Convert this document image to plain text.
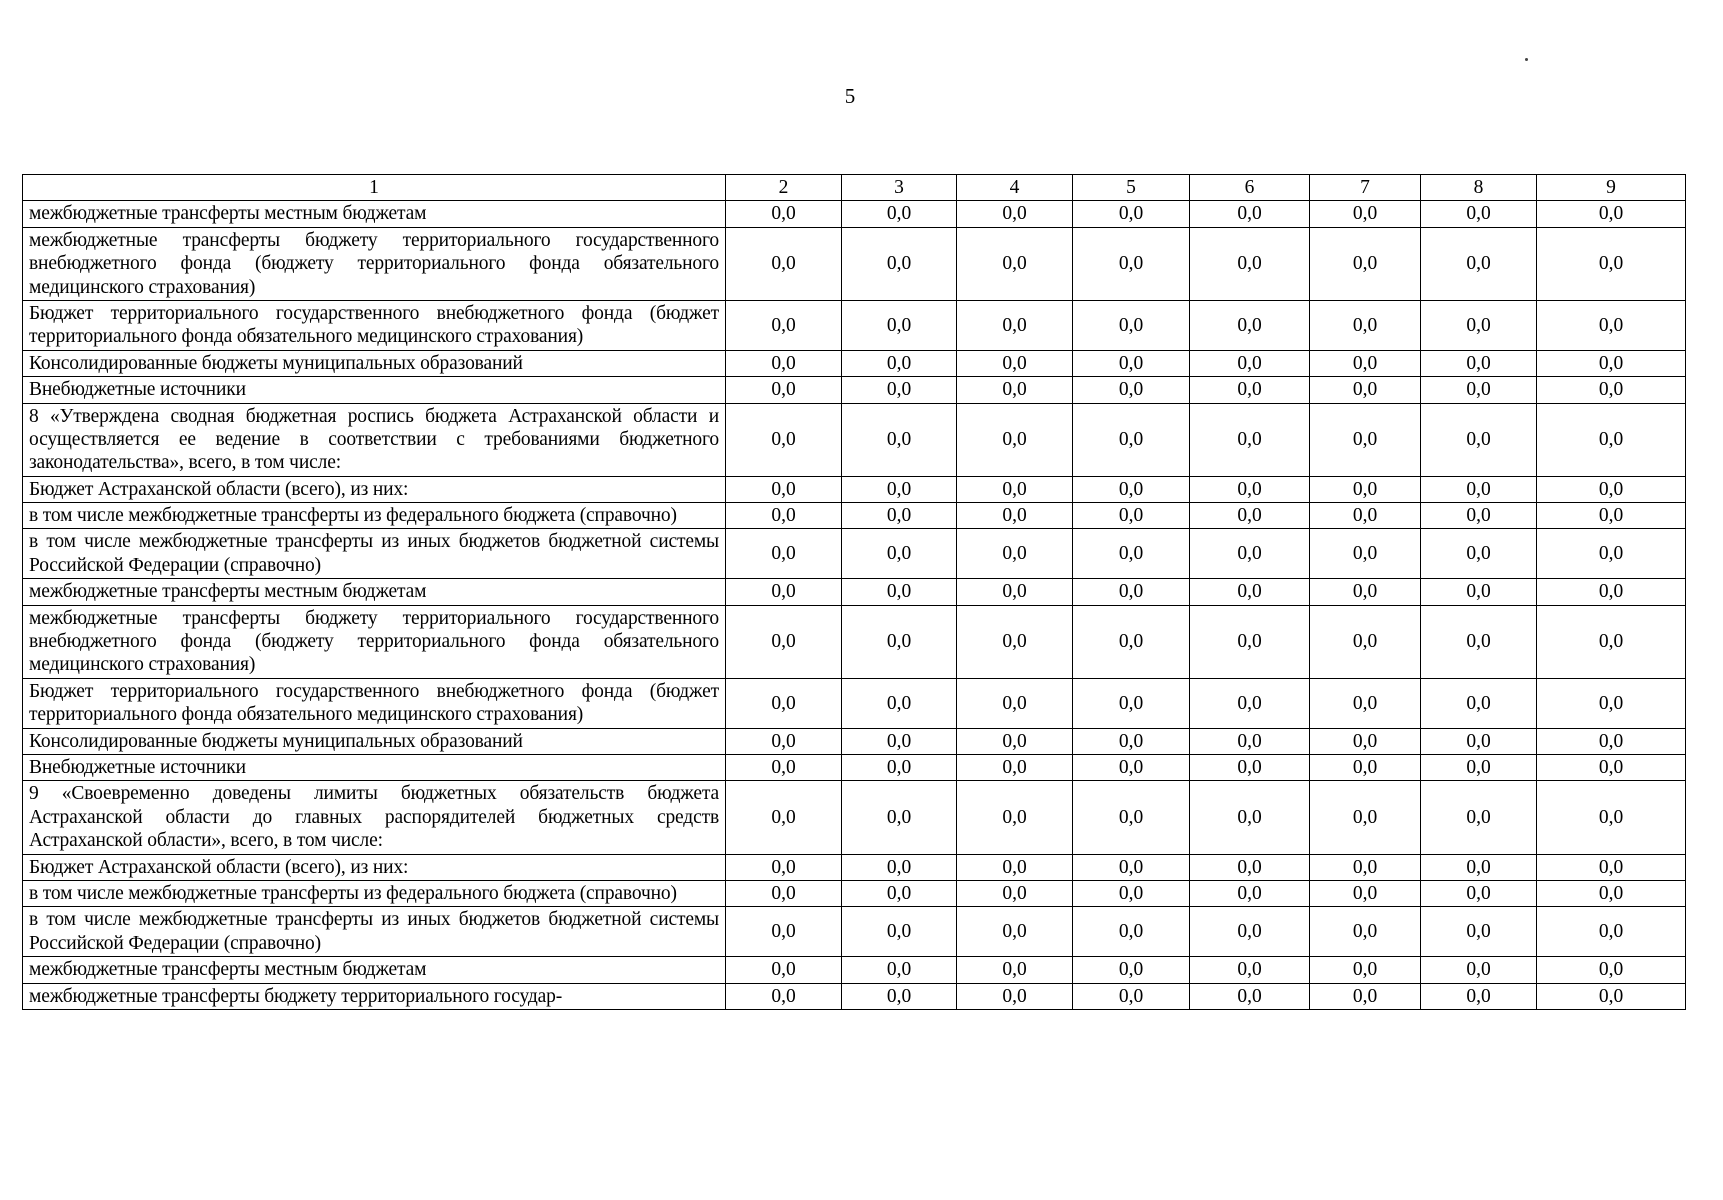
5
1	2	3	4	5	6	7	8	9
межбюджетные трансферты местным бюджетам	0,0	0,0	0,0	0,0	0,0	0,0	0,0	0,0
межбюджетные трансферты бюджету территориального государственного внебюджетного фонда (бюджету территориального фонда обязательного медицинского страхования)	0,0	0,0	0,0	0,0	0,0	0,0	0,0	0,0
Бюджет территориального государственного внебюджетного фонда (бюджет территориального фонда обязательного медицинского страхования)	0,0	0,0	0,0	0,0	0,0	0,0	0,0	0,0
Консолидированные бюджеты муниципальных образований	0,0	0,0	0,0	0,0	0,0	0,0	0,0	0,0
Внебюджетные источники	0,0	0,0	0,0	0,0	0,0	0,0	0,0	0,0
8 «Утверждена сводная бюджетная роспись бюджета Астраханской области и осуществляется ее ведение в соответствии с требованиями бюджетного законодательства», всего, в том числе:	0,0	0,0	0,0	0,0	0,0	0,0	0,0	0,0
Бюджет Астраханской области (всего), из них:	0,0	0,0	0,0	0,0	0,0	0,0	0,0	0,0
в том числе межбюджетные трансферты из федерального бюджета (справочно)	0,0	0,0	0,0	0,0	0,0	0,0	0,0	0,0
в том числе межбюджетные трансферты из иных бюджетов бюджетной системы Российской Федерации (справочно)	0,0	0,0	0,0	0,0	0,0	0,0	0,0	0,0
межбюджетные трансферты местным бюджетам	0,0	0,0	0,0	0,0	0,0	0,0	0,0	0,0
межбюджетные трансферты бюджету территориального государственного внебюджетного фонда (бюджету территориального фонда обязательного медицинского страхования)	0,0	0,0	0,0	0,0	0,0	0,0	0,0	0,0
Бюджет территориального государственного внебюджетного фонда (бюджет территориального фонда обязательного медицинского страхования)	0,0	0,0	0,0	0,0	0,0	0,0	0,0	0,0
Консолидированные бюджеты муниципальных образований	0,0	0,0	0,0	0,0	0,0	0,0	0,0	0,0
Внебюджетные источники	0,0	0,0	0,0	0,0	0,0	0,0	0,0	0,0
9 «Своевременно доведены лимиты бюджетных обязательств бюджета Астраханской области до главных распорядителей бюджетных средств Астраханской области», всего, в том числе:	0,0	0,0	0,0	0,0	0,0	0,0	0,0	0,0
Бюджет Астраханской области (всего), из них:	0,0	0,0	0,0	0,0	0,0	0,0	0,0	0,0
в том числе межбюджетные трансферты из федерального бюджета (справочно)	0,0	0,0	0,0	0,0	0,0	0,0	0,0	0,0
в том числе межбюджетные трансферты из иных бюджетов бюджетной системы Российской Федерации (справочно)	0,0	0,0	0,0	0,0	0,0	0,0	0,0	0,0
межбюджетные трансферты местным бюджетам	0,0	0,0	0,0	0,0	0,0	0,0	0,0	0,0
межбюджетные трансферты бюджету территориального государ-	0,0	0,0	0,0	0,0	0,0	0,0	0,0	0,0
